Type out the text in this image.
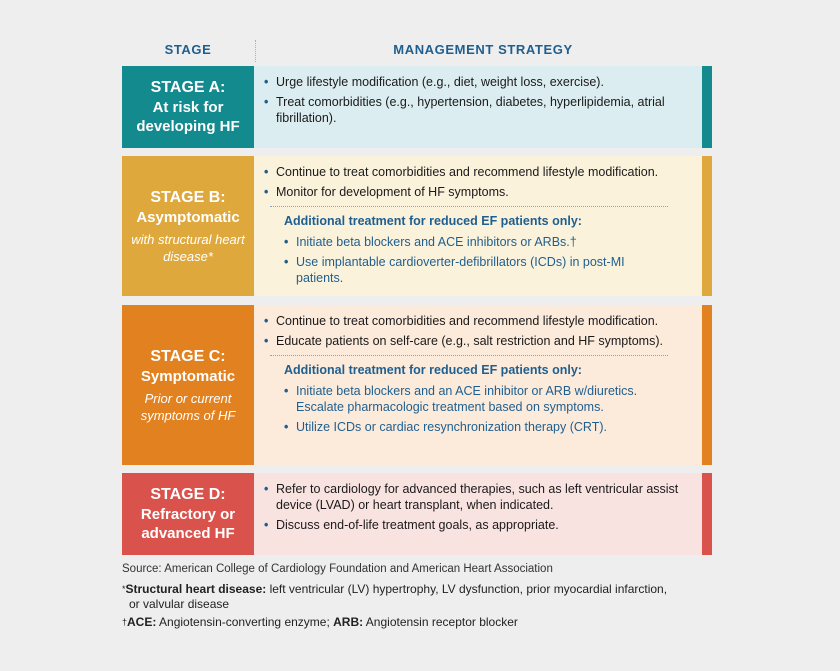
STAGE	MANAGEMENT STRATEGY
STAGE A:
At risk for developing HF
• Urge lifestyle modification (e.g., diet, weight loss, exercise).
• Treat comorbidities (e.g., hypertension, diabetes, hyperlipidemia, atrial fibrillation).
STAGE B:
Asymptomatic
with structural heart disease*
• Continue to treat comorbidities and recommend lifestyle modification.
• Monitor for development of HF symptoms.
Additional treatment for reduced EF patients only:
• Initiate beta blockers and ACE inhibitors or ARBs.†
• Use implantable cardioverter-defibrillators (ICDs) in post-MI patients.
STAGE C:
Symptomatic
Prior or current symptoms of HF
• Continue to treat comorbidities and recommend lifestyle modification.
• Educate patients on self-care (e.g., salt restriction and HF symptoms).
Additional treatment for reduced EF patients only:
• Initiate beta blockers and an ACE inhibitor or ARB w/diuretics. Escalate pharmacologic treatment based on symptoms.
• Utilize ICDs or cardiac resynchronization therapy (CRT).
STAGE D:
Refractory or advanced HF
• Refer to cardiology for advanced therapies, such as left ventricular assist device (LVAD) or heart transplant, when indicated.
• Discuss end-of-life treatment goals, as appropriate.
Source: American College of Cardiology Foundation and American Heart Association
*Structural heart disease: left ventricular (LV) hypertrophy, LV dysfunction, prior myocardial infarction,
or valvular disease
†ACE: Angiotensin-converting enzyme; ARB: Angiotensin receptor blocker
